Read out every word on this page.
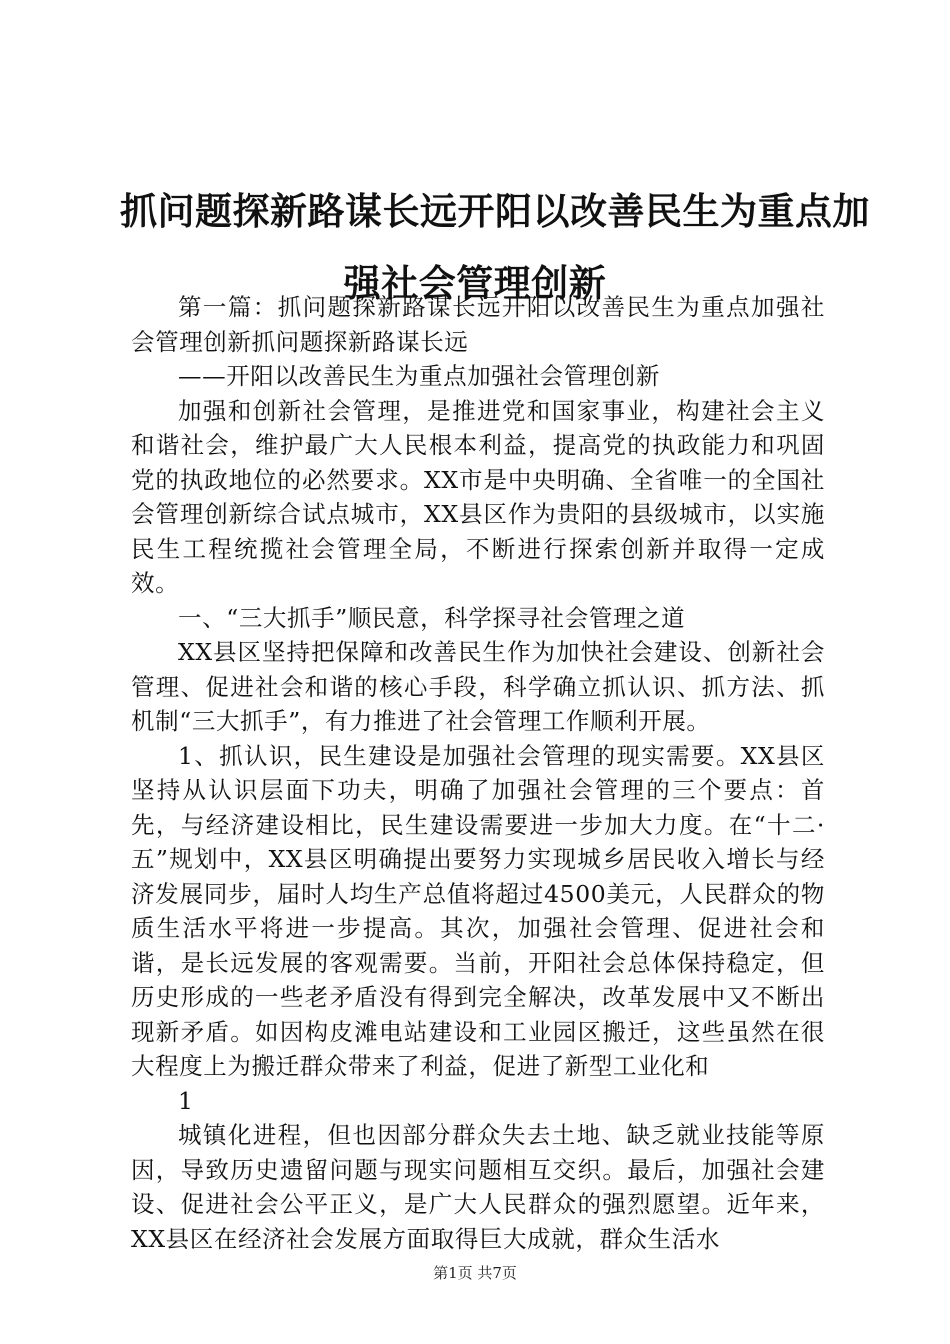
抓问题探新路谋长远开阳以改善民生为重点加
强社会管理创新

第一篇：抓问题探新路谋长远开阳以改善民生为重点加强社会管理创新抓问题探新路谋长远

——开阳以改善民生为重点加强社会管理创新

加强和创新社会管理，是推进党和国家事业，构建社会主义和谐社会，维护最广大人民根本利益，提高党的执政能力和巩固党的执政地位的必然要求。XX市是中央明确、全省唯一的全国社会管理创新综合试点城市，XX县区作为贵阳的县级城市，以实施民生工程统揽社会管理全局，不断进行探索创新并取得一定成效。

一、“三大抓手”顺民意，科学探寻社会管理之道

XX县区坚持把保障和改善民生作为加快社会建设、创新社会管理、促进社会和谐的核心手段，科学确立抓认识、抓方法、抓机制“三大抓手”，有力推进了社会管理工作顺利开展。

1、抓认识，民生建设是加强社会管理的现实需要。XX县区坚持从认识层面下功夫，明确了加强社会管理的三个要点：首先，与经济建设相比，民生建设需要进一步加大力度。在“十二·五”规划中，XX县区明确提出要努力实现城乡居民收入增长与经济发展同步，届时人均生产总值将超过4500美元，人民群众的物质生活水平将进一步提高。其次，加强社会管理、促进社会和谐，是长远发展的客观需要。当前，开阳社会总体保持稳定，但历史形成的一些老矛盾没有得到完全解决，改革发展中又不断出现新矛盾。如因构皮滩电站建设和工业园区搬迁，这些虽然在很大程度上为搬迁群众带来了利益，促进了新型工业化和

1

城镇化进程，但也因部分群众失去土地、缺乏就业技能等原因，导致历史遗留问题与现实问题相互交织。最后，加强社会建设、促进社会公平正义，是广大人民群众的强烈愿望。近年来，XX县区在经济社会发展方面取得巨大成就，群众生活水

第1页 共7页
